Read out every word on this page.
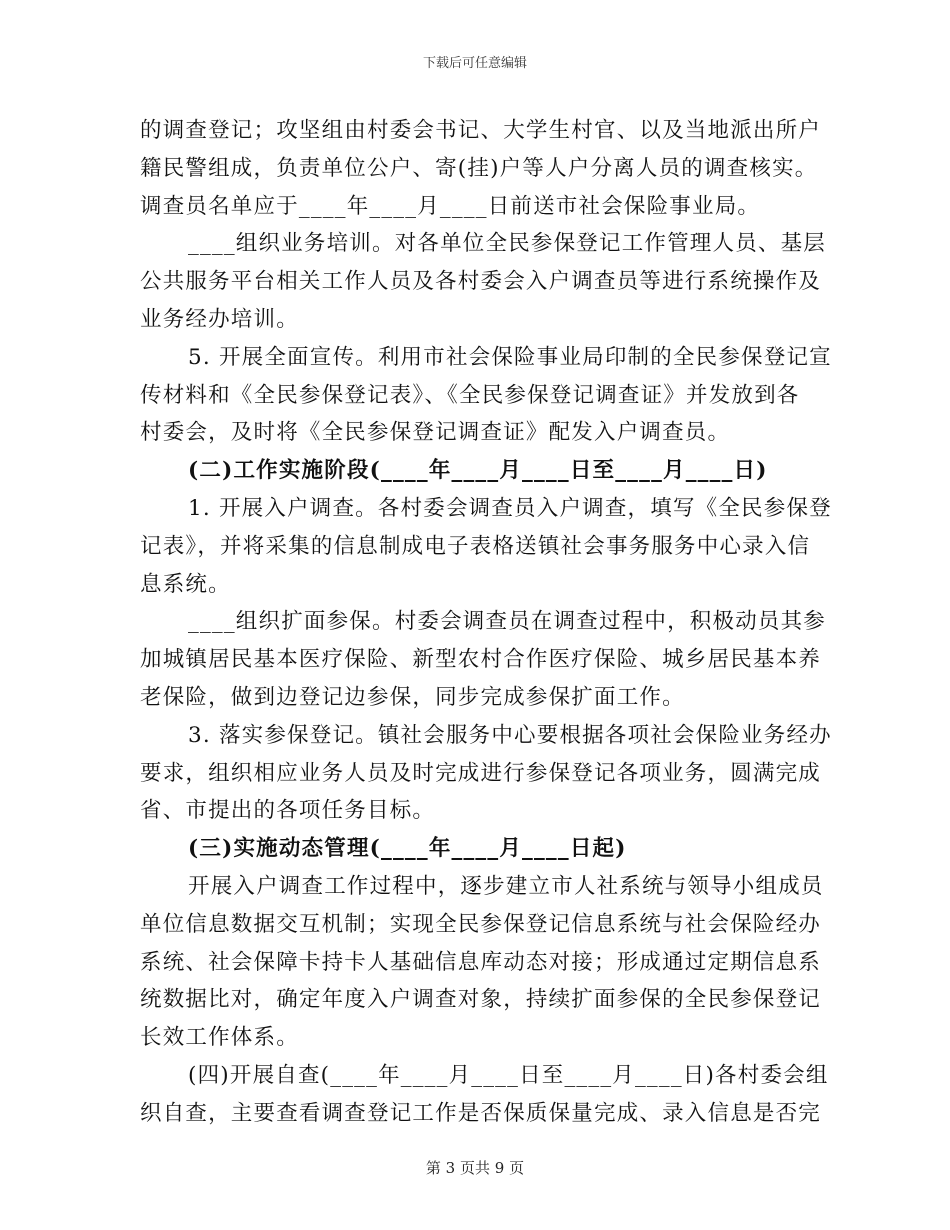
下载后可任意编辑
的调查登记；攻坚组由村委会书记、大学生村官、以及当地派出所户
籍民警组成，负责单位公户、寄(挂)户等人户分离人员的调查核实。
调查员名单应于____年____月____日前送市社会保险事业局。
____组织业务培训。对各单位全民参保登记工作管理人员、基层
公共服务平台相关工作人员及各村委会入户调查员等进行系统操作及
业务经办培训。
5. 开展全面宣传。利用市社会保险事业局印制的全民参保登记宣
传材料和《全民参保登记表》、《全民参保登记调查证》并发放到各
村委会，及时将《全民参保登记调查证》配发入户调查员。
(二)工作实施阶段(____年____月____日至____月____日)
1. 开展入户调查。各村委会调查员入户调查，填写《全民参保登
记表》，并将采集的信息制成电子表格送镇社会事务服务中心录入信
息系统。
____组织扩面参保。村委会调查员在调查过程中，积极动员其参
加城镇居民基本医疗保险、新型农村合作医疗保险、城乡居民基本养
老保险，做到边登记边参保，同步完成参保扩面工作。
3. 落实参保登记。镇社会服务中心要根据各项社会保险业务经办
要求，组织相应业务人员及时完成进行参保登记各项业务，圆满完成
省、市提出的各项任务目标。
(三)实施动态管理(____年____月____日起)
开展入户调查工作过程中，逐步建立市人社系统与领导小组成员
单位信息数据交互机制；实现全民参保登记信息系统与社会保险经办
系统、社会保障卡持卡人基础信息库动态对接；形成通过定期信息系
统数据比对，确定年度入户调查对象，持续扩面参保的全民参保登记
长效工作体系。
(四)开展自查(____年____月____日至____月____日)各村委会组
织自查，主要查看调查登记工作是否保质保量完成、录入信息是否完
第 3 页共 9 页
